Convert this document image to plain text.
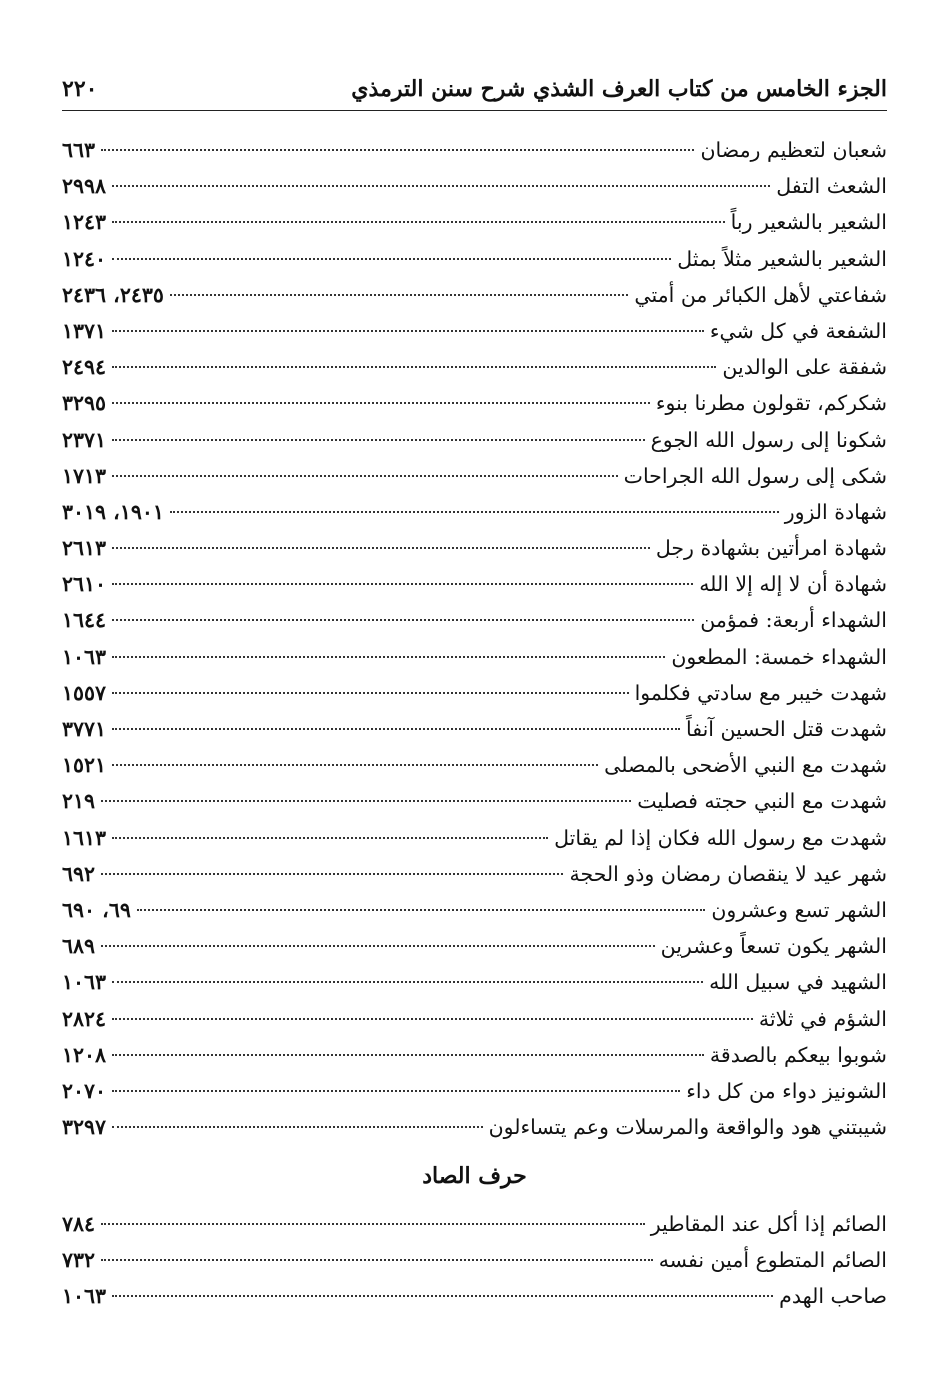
الجزء الخامس من كتاب العرف الشذي شرح سنن الترمذي
٢٢٠
شعبان لتعظيم رمضان
٦٦٣
الشعث التفل
٢٩٩٨
الشعير بالشعير رباً
١٢٤٣
الشعير بالشعير مثلاً بمثل
١٢٤٠
شفاعتي لأهل الكبائر من أمتي
٢٤٣٥، ٢٤٣٦
الشفعة في كل شيء
١٣٧١
شفقة على الوالدين
٢٤٩٤
شكركم، تقولون مطرنا بنوء
٣٢٩٥
شكونا إلى رسول الله الجوع
٢٣٧١
شكى إلى رسول الله الجراحات
١٧١٣
شهادة الزور
١٩٠١، ٣٠١٩
شهادة امرأتين بشهادة رجل
٢٦١٣
شهادة أن لا إله إلا الله
٢٦١٠
الشهداء أربعة: فمؤمن
١٦٤٤
الشهداء خمسة: المطعون
١٠٦٣
شهدت خيبر مع سادتي فكلموا
١٥٥٧
شهدت قتل الحسين آنفاً
٣٧٧١
شهدت مع النبي الأضحى بالمصلى
١٥٢١
شهدت مع النبي حجته فصليت
٢١٩
شهدت مع رسول الله فكان إذا لم يقاتل
١٦١٣
شهر عيد لا ينقصان رمضان وذو الحجة
٦٩٢
الشهر تسع وعشرون
٦٩، ٦٩٠
الشهر يكون تسعاً وعشرين
٦٨٩
الشهيد في سبيل الله
١٠٦٣
الشؤم في ثلاثة
٢٨٢٤
شوبوا بيعكم بالصدقة
١٢٠٨
الشونيز دواء من كل داء
٢٠٧٠
شيبتني هود والواقعة والمرسلات وعم يتساءلون
٣٢٩٧
حرف الصاد
الصائم إذا أكل عند المقاطير
٧٨٤
الصائم المتطوع أمين نفسه
٧٣٢
صاحب الهدم
١٠٦٣
